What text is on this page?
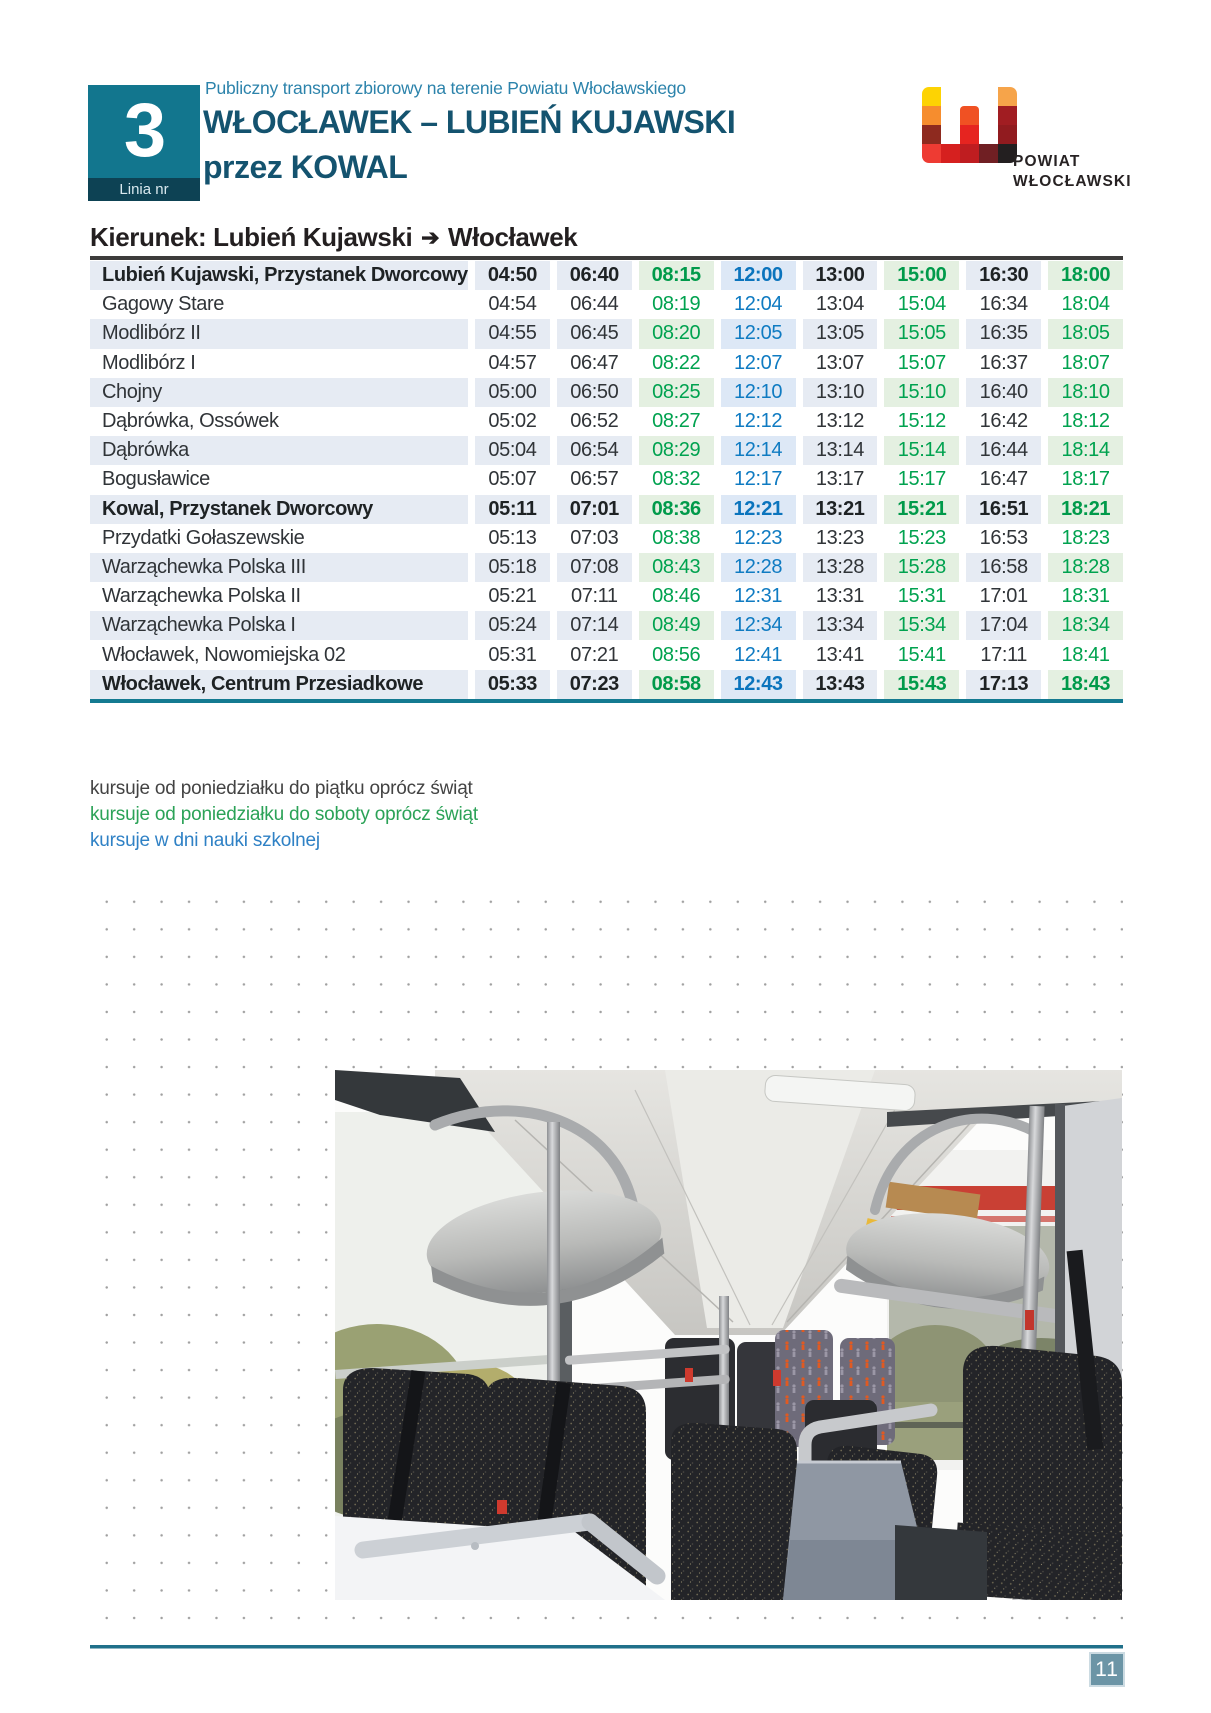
3
Linia nr
Publiczny transport zbiorowy na terenie Powiatu Włocławskiego
WŁOCŁAWEK – LUBIEŃ KUJAWSKI
przez KOWAL	POWIAT
WŁOCŁAWSKI
Kierunek: Lubień Kujawski ➔ Włocławek
Lubień Kujawski, Przystanek Dworcowy	04:50	06:40	08:15	12:00	13:00	15:00	16:30	18:00
Gagowy Stare	04:54	06:44	08:19	12:04	13:04	15:04	16:34	18:04
Modlibórz II	04:55	06:45	08:20	12:05	13:05	15:05	16:35	18:05
Modlibórz I	04:57	06:47	08:22	12:07	13:07	15:07	16:37	18:07
Chojny	05:00	06:50	08:25	12:10	13:10	15:10	16:40	18:10
Dąbrówka, Ossówek	05:02	06:52	08:27	12:12	13:12	15:12	16:42	18:12
Dąbrówka	05:04	06:54	08:29	12:14	13:14	15:14	16:44	18:14
Bogusławice	05:07	06:57	08:32	12:17	13:17	15:17	16:47	18:17
Kowal, Przystanek Dworcowy	05:11	07:01	08:36	12:21	13:21	15:21	16:51	18:21
Przydatki Gołaszewskie	05:13	07:03	08:38	12:23	13:23	15:23	16:53	18:23
Warząchewka Polska III	05:18	07:08	08:43	12:28	13:28	15:28	16:58	18:28
Warząchewka Polska II	05:21	07:11	08:46	12:31	13:31	15:31	17:01	18:31
Warząchewka Polska I	05:24	07:14	08:49	12:34	13:34	15:34	17:04	18:34
Włocławek, Nowomiejska 02	05:31	07:21	08:56	12:41	13:41	15:41	17:11	18:41
Włocławek, Centrum Przesiadkowe	05:33	07:23	08:58	12:43	13:43	15:43	17:13	18:43
kursuje od poniedziałku do piątku oprócz świąt
kursuje od poniedziałku do soboty oprócz świąt
kursuje w dni nauki szkolnej
11
